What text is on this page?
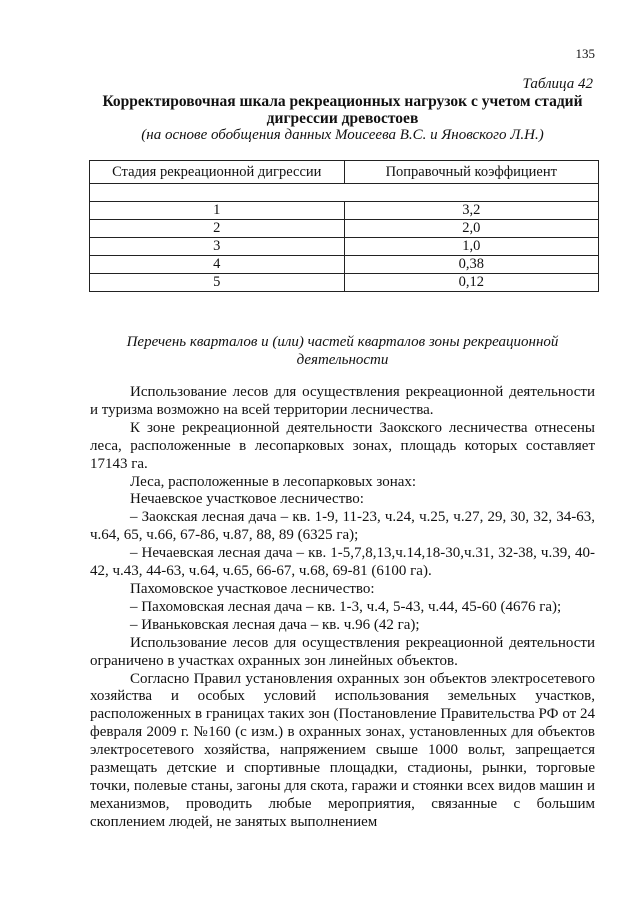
135
Таблица 42
Корректировочная шкала рекреационных нагрузок с учетом стадий дигрессии древостоев
(на основе обобщения данных Моисеева В.С. и Яновского Л.Н.)
Стадия рекреационной дигрессии	Поправочный коэффициент

1	3,2
2	2,0
3	1,0
4	0,38
5	0,12
Перечень кварталов и (или) частей кварталов зоны рекреационной деятельности

Использование лесов для осуществления рекреационной деятельности и туризма возможно на всей территории лесничества.

К зоне рекреационной деятельности Заокского лесничества отнесены леса, расположенные в лесопарковых зонах, площадь которых составляет 17143 га.

Леса, расположенные в лесопарковых зонах:

Нечаевское участковое лесничество:

– Заокская лесная дача – кв. 1-9, 11-23, ч.24, ч.25, ч.27, 29, 30, 32, 34-63, ч.64, 65, ч.66, 67-86, ч.87, 88, 89 (6325 га);

– Нечаевская лесная дача – кв. 1-5,7,8,13,ч.14,18-30,ч.31, 32-38, ч.39, 40-42, ч.43, 44-63, ч.64, ч.65, 66-67, ч.68, 69-81 (6100 га).

Пахомовское участковое лесничество:

– Пахомовская лесная дача – кв. 1-3, ч.4, 5-43, ч.44, 45-60 (4676 га);

– Иваньковская лесная дача – кв. ч.96 (42 га);

Использование лесов для осуществления рекреационной деятельности ограничено в участках охранных зон линейных объектов.

Согласно Правил установления охранных зон объектов электросетевого хозяйства и особых условий использования земельных участков, расположенных в границах таких зон (Постановление Правительства РФ от 24 февраля 2009 г. №160 (с изм.) в охранных зонах, установленных для объектов электросетевого хозяйства, напряжением свыше 1000 вольт, запрещается размещать детские и спортивные площадки, стадионы, рынки, торговые точки, полевые станы, загоны для скота, гаражи и стоянки всех видов машин и механизмов, проводить любые мероприятия, связанные с большим скоплением людей, не занятых выполнением
